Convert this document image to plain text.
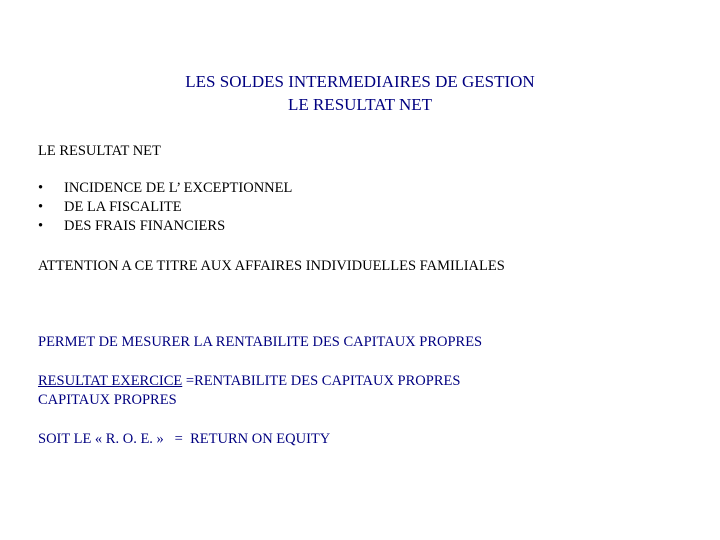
LES SOLDES INTERMEDIAIRES DE GESTION
LE RESULTAT NET
LE RESULTAT NET
• INCIDENCE DE L’ EXCEPTIONNEL
• DE LA FISCALITE
• DES FRAIS FINANCIERS
ATTENTION A CE TITRE AUX AFFAIRES INDIVIDUELLES FAMILIALES
PERMET DE MESURER LA RENTABILITE DES CAPITAUX PROPRES
RESULTAT EXERCICE =RENTABILITE DES CAPITAUX PROPRES
CAPITAUX PROPRES
SOIT LE « R. O. E. »   =  RETURN ON EQUITY
